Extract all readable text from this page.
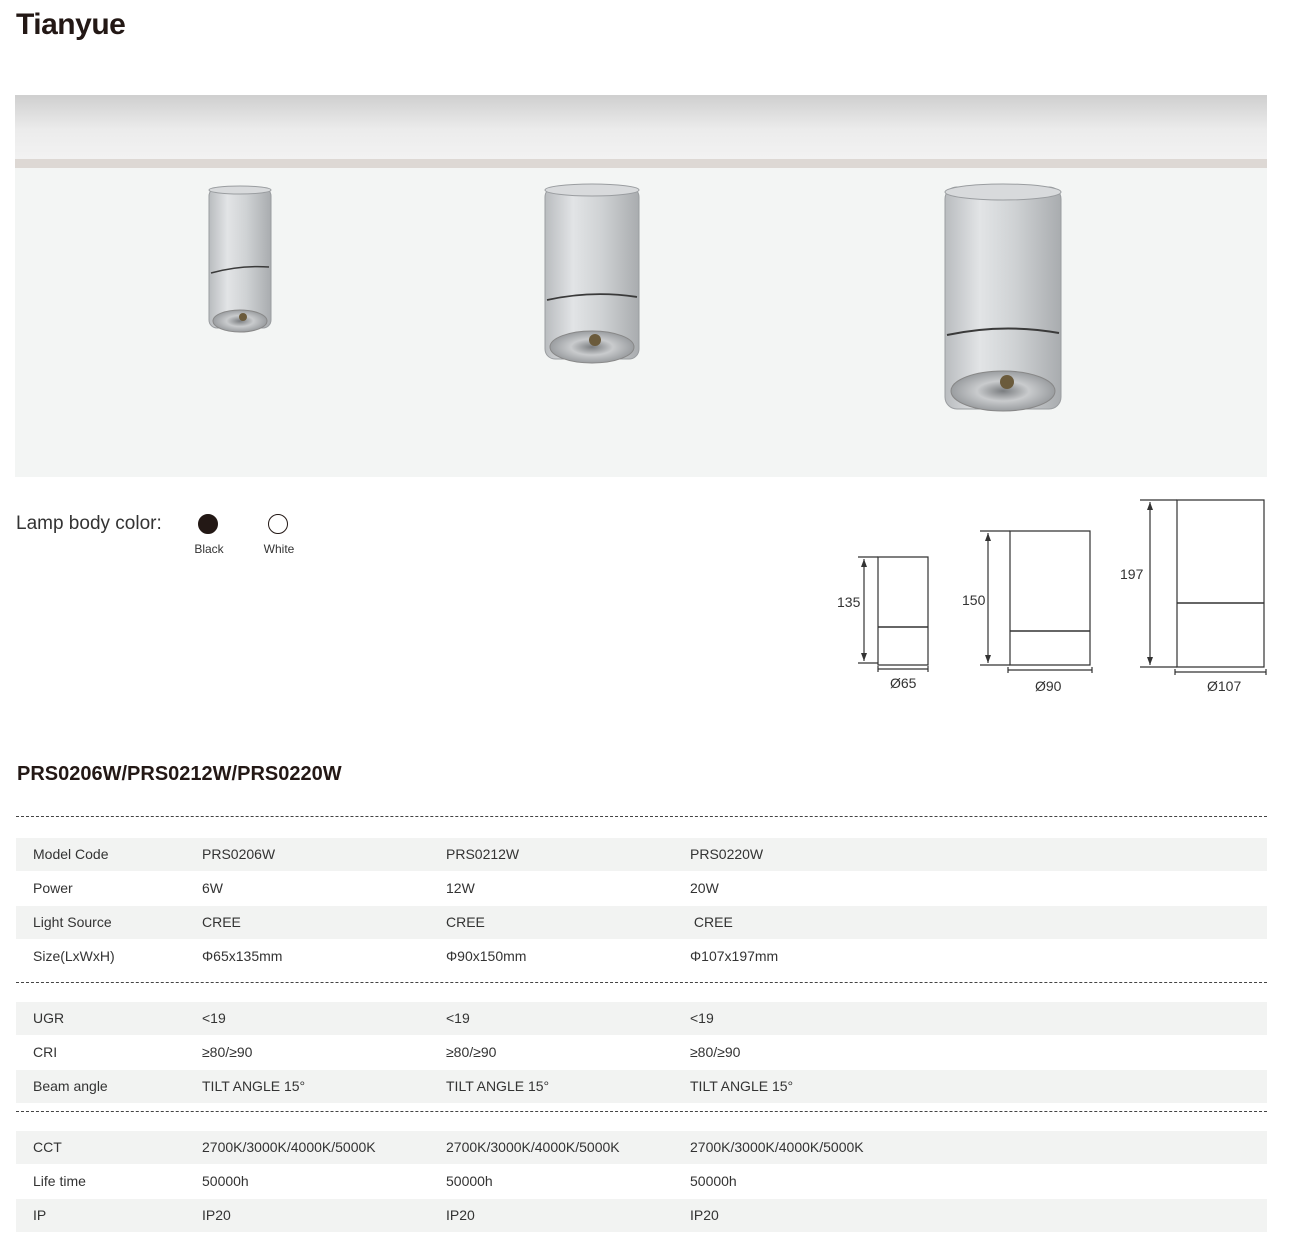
Tianyue
Lamp body color:
Black	White
135
Ø65
150
Ø90
197
Ø107
PRS0206W/PRS0212W/PRS0220W
Model Code	PRS0206W	PRS0212W	PRS0220W
Power	6W	12W	20W
Light Source	CREE	CREE	CREE
Size(LxWxH)	Φ65x135mm	Φ90x150mm	Φ107x197mm
UGR	<19	<19	<19
CRI	≥80/≥90	≥80/≥90	≥80/≥90
Beam angle	TILT ANGLE 15°	TILT ANGLE 15°	TILT ANGLE 15°
CCT	2700K/3000K/4000K/5000K	2700K/3000K/4000K/5000K	2700K/3000K/4000K/5000K
Life time	50000h	50000h	50000h
IP	IP20	IP20	IP20
